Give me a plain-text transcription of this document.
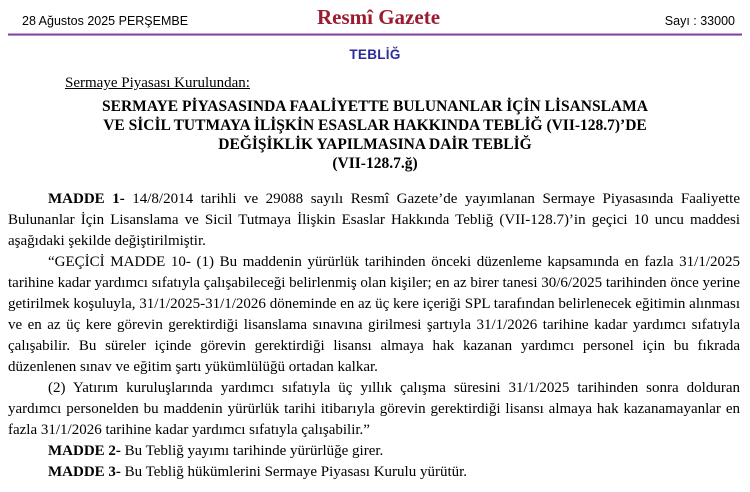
28 Ağustos 2025 PERŞEMBE	Resmî Gazete	Sayı : 33000
TEBLİĞ
Sermaye Piyasası Kurulundan:
SERMAYE PİYASASINDA FAALİYETTE BULUNANLAR İÇİN LİSANSLAMA
VE SİCİL TUTMAYA İLİŞKİN ESASLAR HAKKINDA TEBLİĞ (VII-128.7)’DE
DEĞİŞİKLİK YAPILMASINA DAİR TEBLİĞ
(VII-128.7.ğ)

MADDE 1- 14/8/2014 tarihli ve 29088 sayılı Resmî Gazete’de yayımlanan Sermaye Piyasasında Faaliyette Bulunanlar İçin Lisanslama ve Sicil Tutmaya İlişkin Esaslar Hakkında Tebliğ (VII-128.7)’in geçici 10 uncu maddesi aşağıdaki şekilde değiştirilmiştir.

“GEÇİCİ MADDE 10- (1) Bu maddenin yürürlük tarihinden önceki düzenleme kapsamında en fazla 31/1/2025 tarihine kadar yardımcı sıfatıyla çalışabileceği belirlenmiş olan kişiler; en az birer tanesi 30/6/2025 tarihinden önce yerine getirilmek koşuluyla, 31/1/2025-31/1/2026 döneminde en az üç kere içeriği SPL tarafından belirlenecek eğitimin alınması ve en az üç kere görevin gerektirdiği lisanslama sınavına girilmesi şartıyla 31/1/2026 tarihine kadar yardımcı sıfatıyla çalışabilir. Bu süreler içinde görevin gerektirdiği lisansı almaya hak kazanan yardımcı personel için bu fıkrada düzenlenen sınav ve eğitim şartı yükümlülüğü ortadan kalkar.

(2) Yatırım kuruluşlarında yardımcı sıfatıyla üç yıllık çalışma süresini 31/1/2025 tarihinden sonra dolduran yardımcı personelden bu maddenin yürürlük tarihi itibarıyla görevin gerektirdiği lisansı almaya hak kazanamayanlar en fazla 31/1/2026 tarihine kadar yardımcı sıfatıyla çalışabilir.”

MADDE 2- Bu Tebliğ yayımı tarihinde yürürlüğe girer.

MADDE 3- Bu Tebliğ hükümlerini Sermaye Piyasası Kurulu yürütür.
